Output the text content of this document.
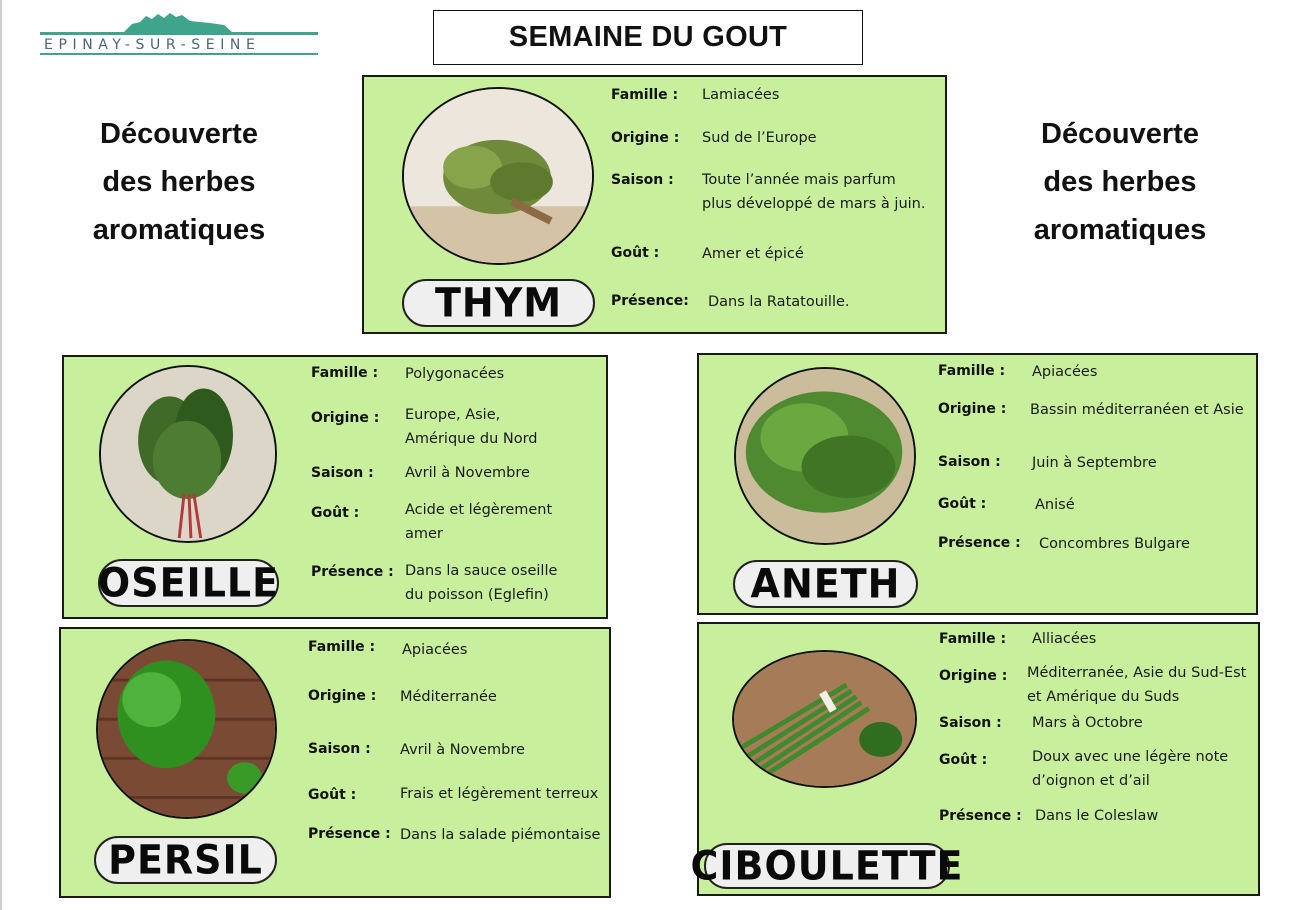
EPINAY-SUR-SEINE	SEMAINE DU GOUT
Découverte
des herbes
aromatiques
Découverte
des herbes
aromatiques
THYM
Famille : Lamiacées
Origine : Sud de l’Europe
Saison : Toute l’année mais parfum
plus développé de mars à juin.
Goût :	Amer et épicé
Présence: Dans la Ratatouille.
OSEILLE
Famille : Polygonacées
Origine : Europe, Asie,
Amérique du Nord
Saison : Avril à Novembre
Goût :	Acide et légèrement
amer
Présence : Dans la sauce oseille
du poisson (Eglefin)	ANETH
Famille : Apiacées
Origine : Bassin méditerranéen et Asie
Saison : Juin à Septembre
Goût :	Anisé
Présence : Concombres Bulgare
PERSIL
Famille : Apiacées
Origine : Méditerranée
Saison : Avril à Novembre
Goût :	Frais et légèrement terreux
Présence : Dans la salade piémontaise
CIBOULETTE
Famille : Alliacées
Origine : Méditerranée, Asie du Sud-Est
et Amérique du Suds
Saison : Mars à Octobre
Goût :	Doux avec une légère note
d’oignon et d’ail
Présence : Dans le Coleslaw
